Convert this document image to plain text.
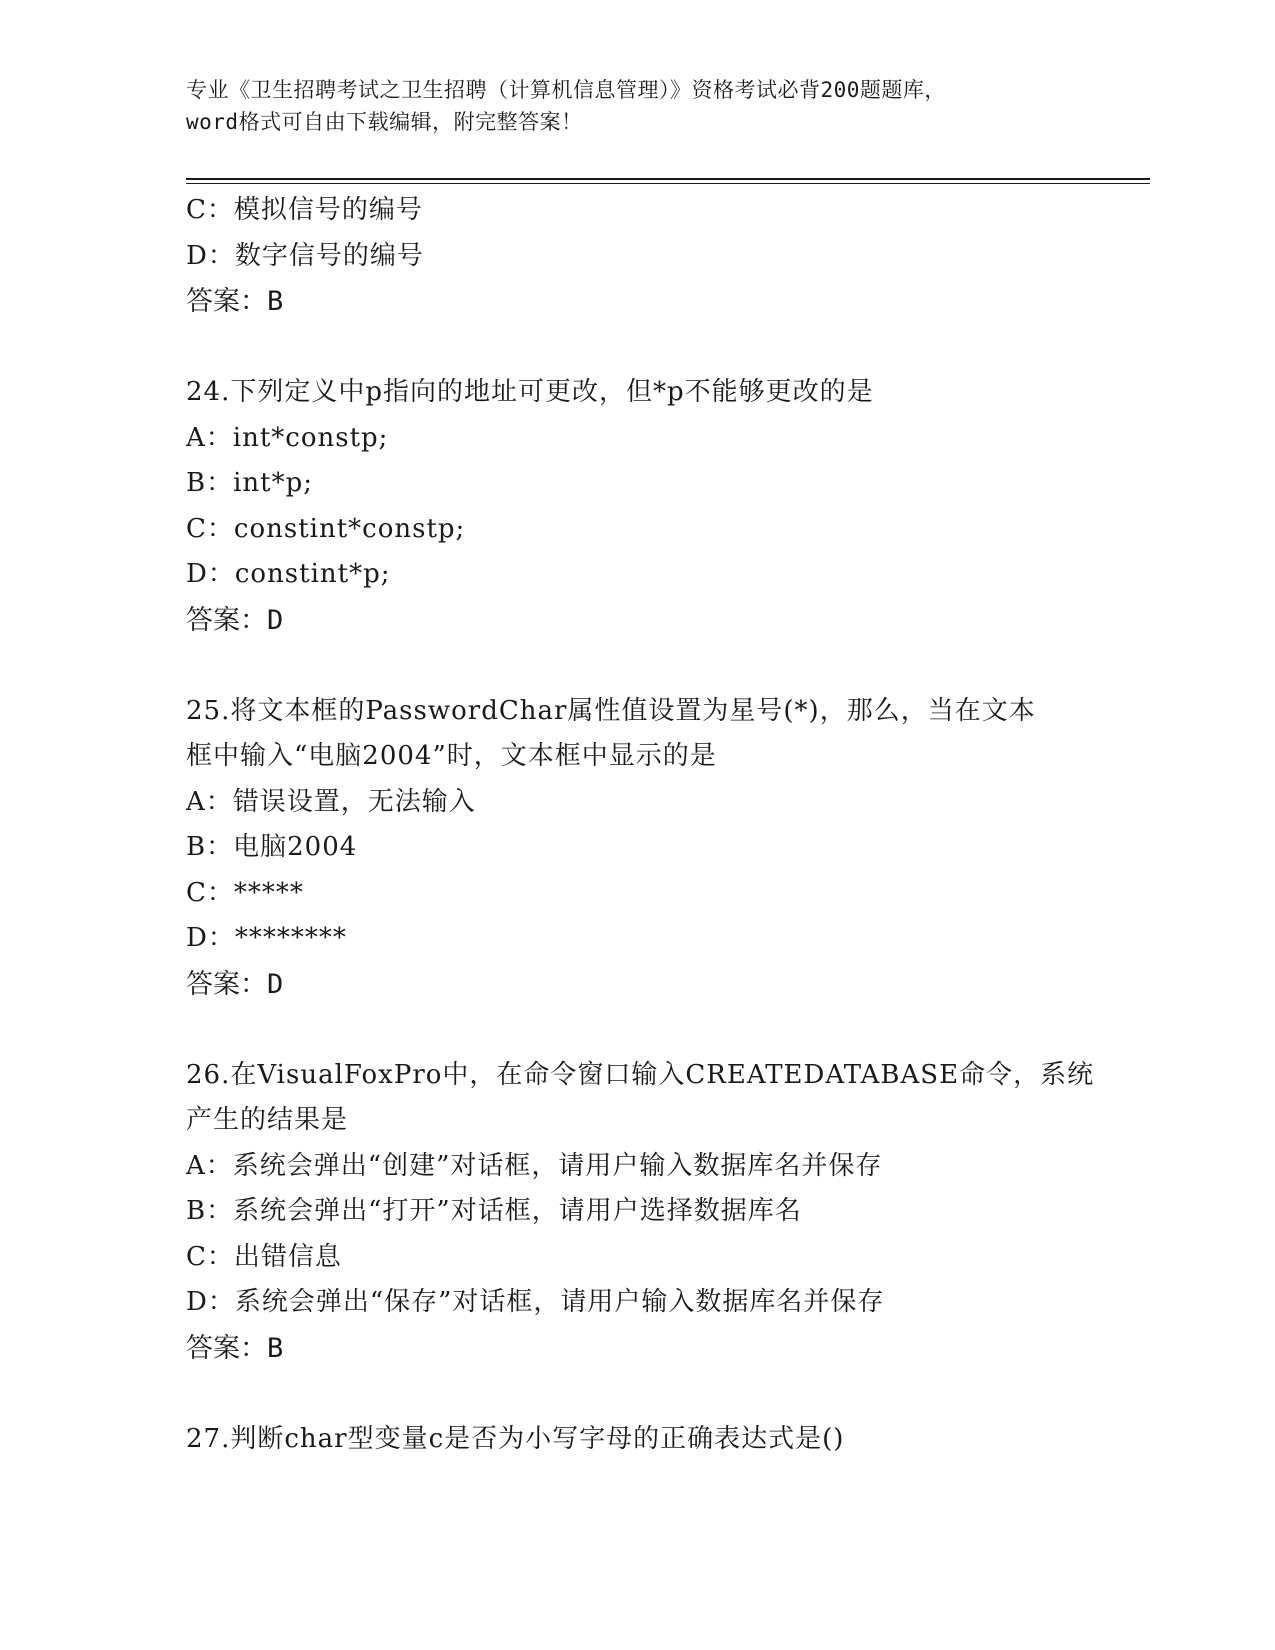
专业《卫生招聘考试之卫生招聘（计算机信息管理）》资格考试必背200题题库，
word格式可自由下载编辑，附完整答案！
C：模拟信号的编号
D：数字信号的编号
答案：B
24.下列定义中p指向的地址可更改，但*p不能够更改的是
A：int*constp;
B：int*p;
C：constint*constp;
D：constint*p;
答案：D
25.将文本框的PasswordChar属性值设置为星号(*)，那么，当在文本
框中输入“电脑2004”时，文本框中显示的是
A：错误设置，无法输入
B：电脑2004
C：*****
D：********
答案：D
26.在VisualFoxPro中，在命令窗口输入CREATEDATABASE命令，系统
产生的结果是
A：系统会弹出“创建”对话框，请用户输入数据库名并保存
B：系统会弹出“打开”对话框，请用户选择数据库名
C：出错信息
D：系统会弹出“保存”对话框，请用户输入数据库名并保存
答案：B
27.判断char型变量c是否为小写字母的正确表达式是()
